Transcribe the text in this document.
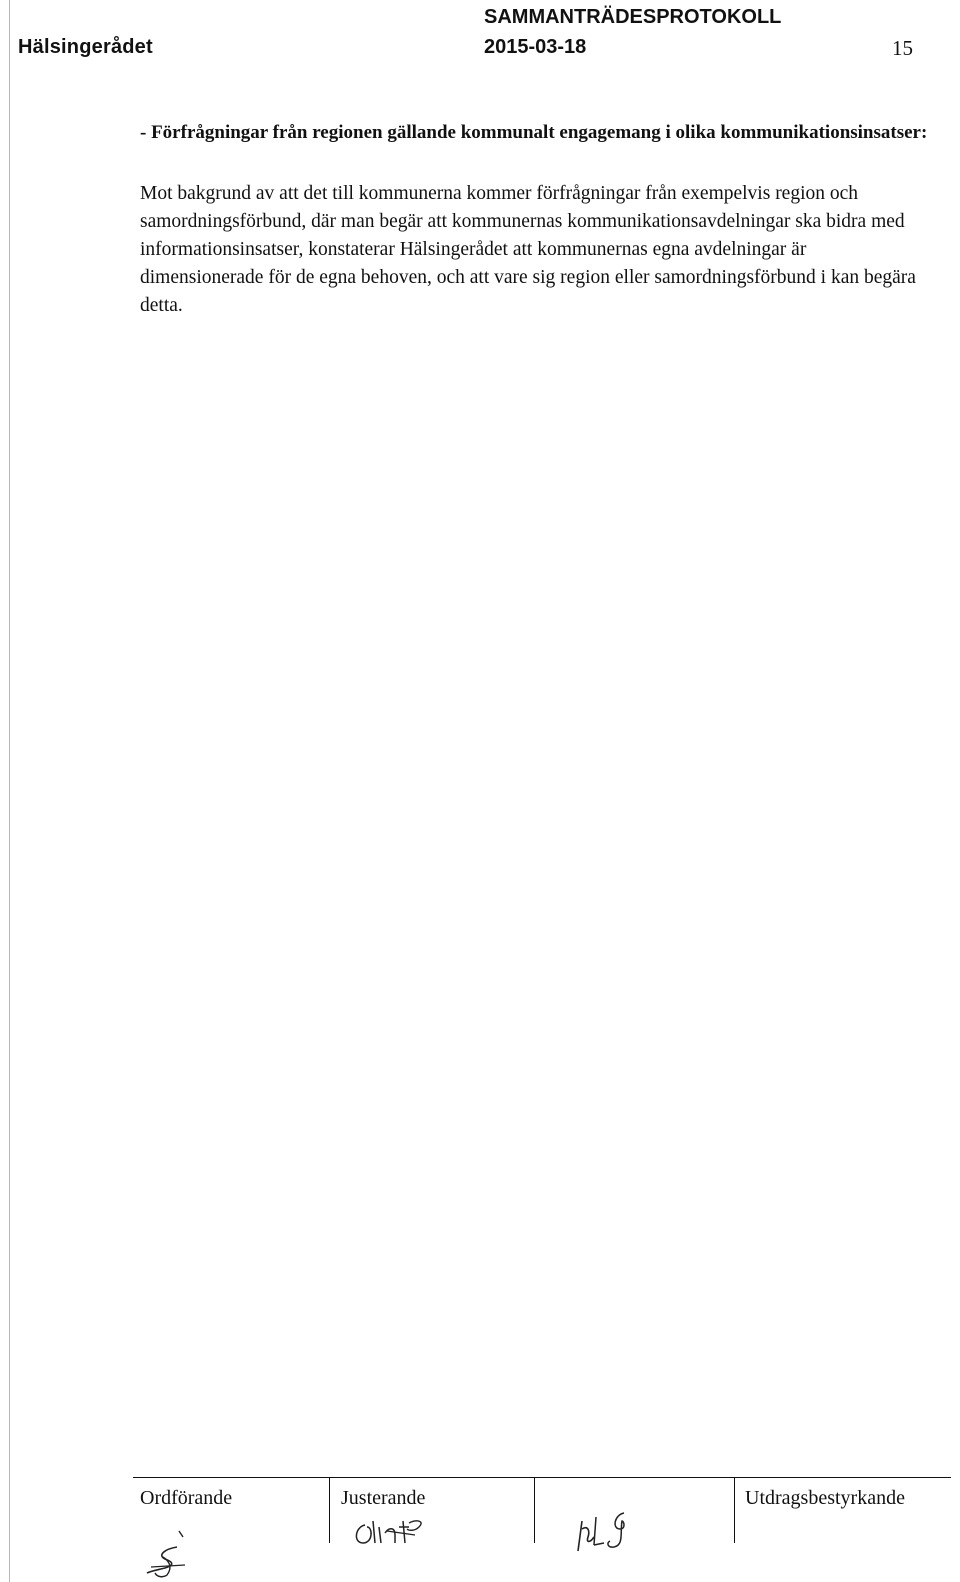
Hälsingerådet
SAMMANTRÄDESPROTOKOLL
2015-03-18	15

- Förfrågningar från regionen gällande kommunalt engagemang i olika kommunikationsinsatser:

Mot bakgrund av att det till kommunerna kommer förfrågningar från exempelvis region och samordningsförbund, där man begär att kommunernas kommunikationsavdelningar ska bidra med informationsinsatser, konstaterar Hälsingerådet att kommunernas egna avdelningar är dimensionerade för de egna behoven, och att vare sig region eller samordningsförbund i kan begära detta.

Ordförande	Justerande	Utdragsbestyrkande
